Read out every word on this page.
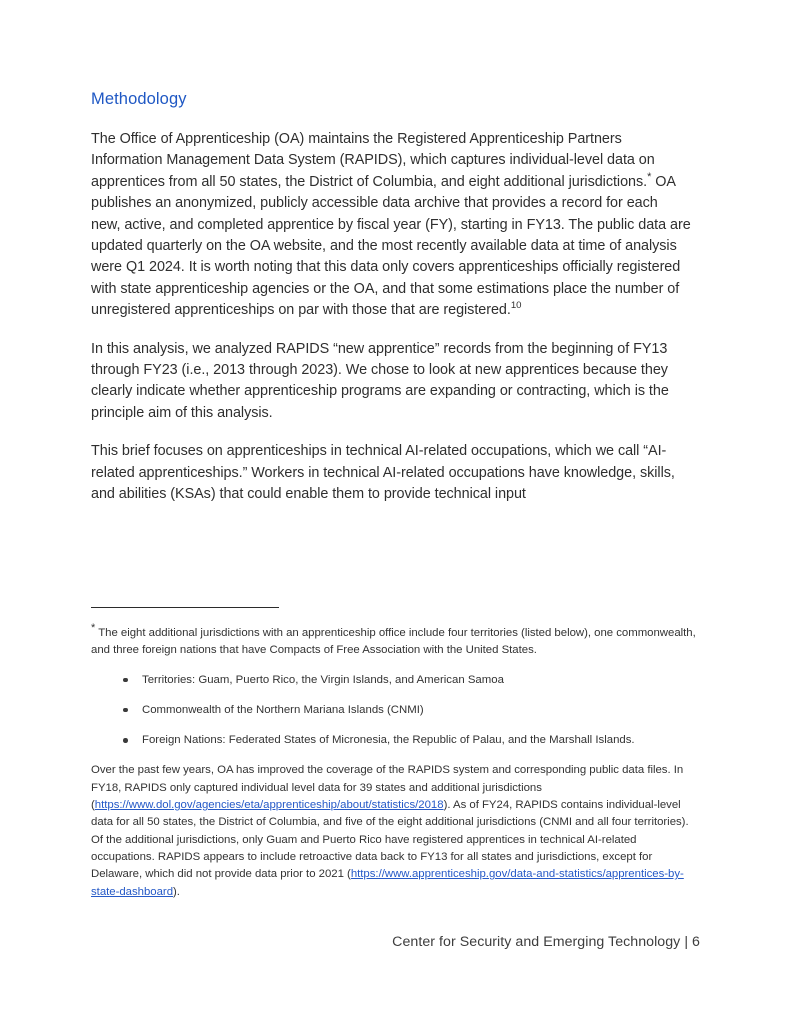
Methodology

The Office of Apprenticeship (OA) maintains the Registered Apprenticeship Partners Information Management Data System (RAPIDS), which captures individual-level data on apprentices from all 50 states, the District of Columbia, and eight additional jurisdictions.* OA publishes an anonymized, publicly accessible data archive that provides a record for each new, active, and completed apprentice by fiscal year (FY), starting in FY13. The public data are updated quarterly on the OA website, and the most recently available data at time of analysis were Q1 2024. It is worth noting that this data only covers apprenticeships officially registered with state apprenticeship agencies or the OA, and that some estimations place the number of unregistered apprenticeships on par with those that are registered.$^{10}$

In this analysis, we analyzed RAPIDS “new apprentice” records from the beginning of FY13 through FY23 (i.e., 2013 through 2023). We chose to look at new apprentices because they clearly indicate whether apprenticeship programs are expanding or contracting, which is the principle aim of this analysis.

This brief focuses on apprenticeships in technical AI-related occupations, which we call “AI-related apprenticeships.” Workers in technical AI-related occupations have knowledge, skills, and abilities (KSAs) that could enable them to provide technical input

* The eight additional jurisdictions with an apprenticeship office include four territories (listed below), one commonwealth, and three foreign nations that have Compacts of Free Association with the United States.

Territories: Guam, Puerto Rico, the Virgin Islands, and American Samoa
Commonwealth of the Northern Mariana Islands (CNMI)
Foreign Nations: Federated States of Micronesia, the Republic of Palau, and the Marshall Islands.

Over the past few years, OA has improved the coverage of the RAPIDS system and corresponding public data files. In FY18, RAPIDS only captured individual level data for 39 states and additional jurisdictions (https://www.dol.gov/agencies/eta/apprenticeship/about/statistics/2018). As of FY24, RAPIDS contains individual-level data for all 50 states, the District of Columbia, and five of the eight additional jurisdictions (CNMI and all four territories). Of the additional jurisdictions, only Guam and Puerto Rico have registered apprentices in technical AI-related occupations. RAPIDS appears to include retroactive data back to FY13 for all states and jurisdictions, except for Delaware, which did not provide data prior to 2021 (https://www.apprenticeship.gov/data-and-statistics/apprentices-by-state-dashboard).

Center for Security and Emerging Technology | 6
